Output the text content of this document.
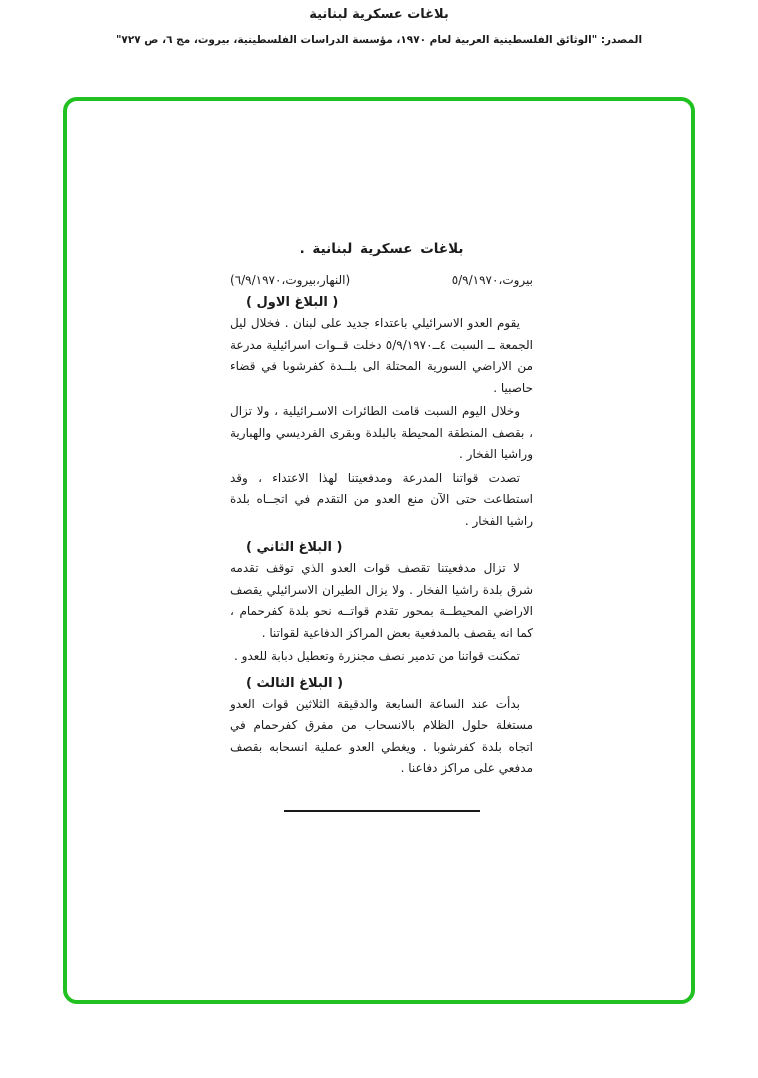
بلاغات عسكرية لبنانية
المصدر: "الوثائق الفلسطينية العربية لعام ١٩٧٠، مؤسسة الدراسات الفلسطينية، بيروت، مج ٦، ص ٧٢٧"
بلاغات عسكرية لبنانية .
بيروت،٥/٩/١٩٧٠
(النهار،بيروت،٦/٩/١٩٧٠)
( البلاغ الاول )

يقوم العدو الاسرائيلي باعتداء جديد على لبنان . فخلال ليل الجمعة ــ السبت ٤ــ٥/٩/١٩٧٠ دخلت قــوات اسرائيلية مدرعة من الاراضي السورية المحتلة الى بلــدة كفرشوبا في قضاء حاصبيا .

وخلال اليوم السبت قامت الطائرات الاسـرائيلية ، ولا تزال ، بقصف المنطقة المحيطة بالبلدة وبقرى الفرديسي والهبارية وراشيا الفخار .

تصدت قواتنا المدرعة ومدفعيتنا لهذا الاعتداء ، وقد استطاعت حتى الآن منع العدو من التقدم في اتجــاه بلدة راشيا الفخار .

( البلاغ الثاني )

لا تزال مدفعيتنا تقصف قوات العدو الذي توقف تقدمه شرق بلدة راشيا الفخار . ولا يزال الطيران الاسرائيلي يقصف الاراضي المحيطــة بمحور تقدم قواتــه نحو بلدة كفرحمام ، كما انه يقصف بالمدفعية بعض المراكز الدفاعية لقواتنا .

تمكنت قواتنا من تدمير نصف مجنزرة وتعطيل دبابة للعدو .

( البلاغ الثالث )

بدأت عند الساعة السابعة والدقيقة الثلاثين قوات العدو مستغلة حلول الظلام بالانسحاب من مفرق كفرحمام في اتجاه بلدة كفرشوبا . ويغطي العدو عملية انسحابه بقصف مدفعي على مراكز دفاعنا .
